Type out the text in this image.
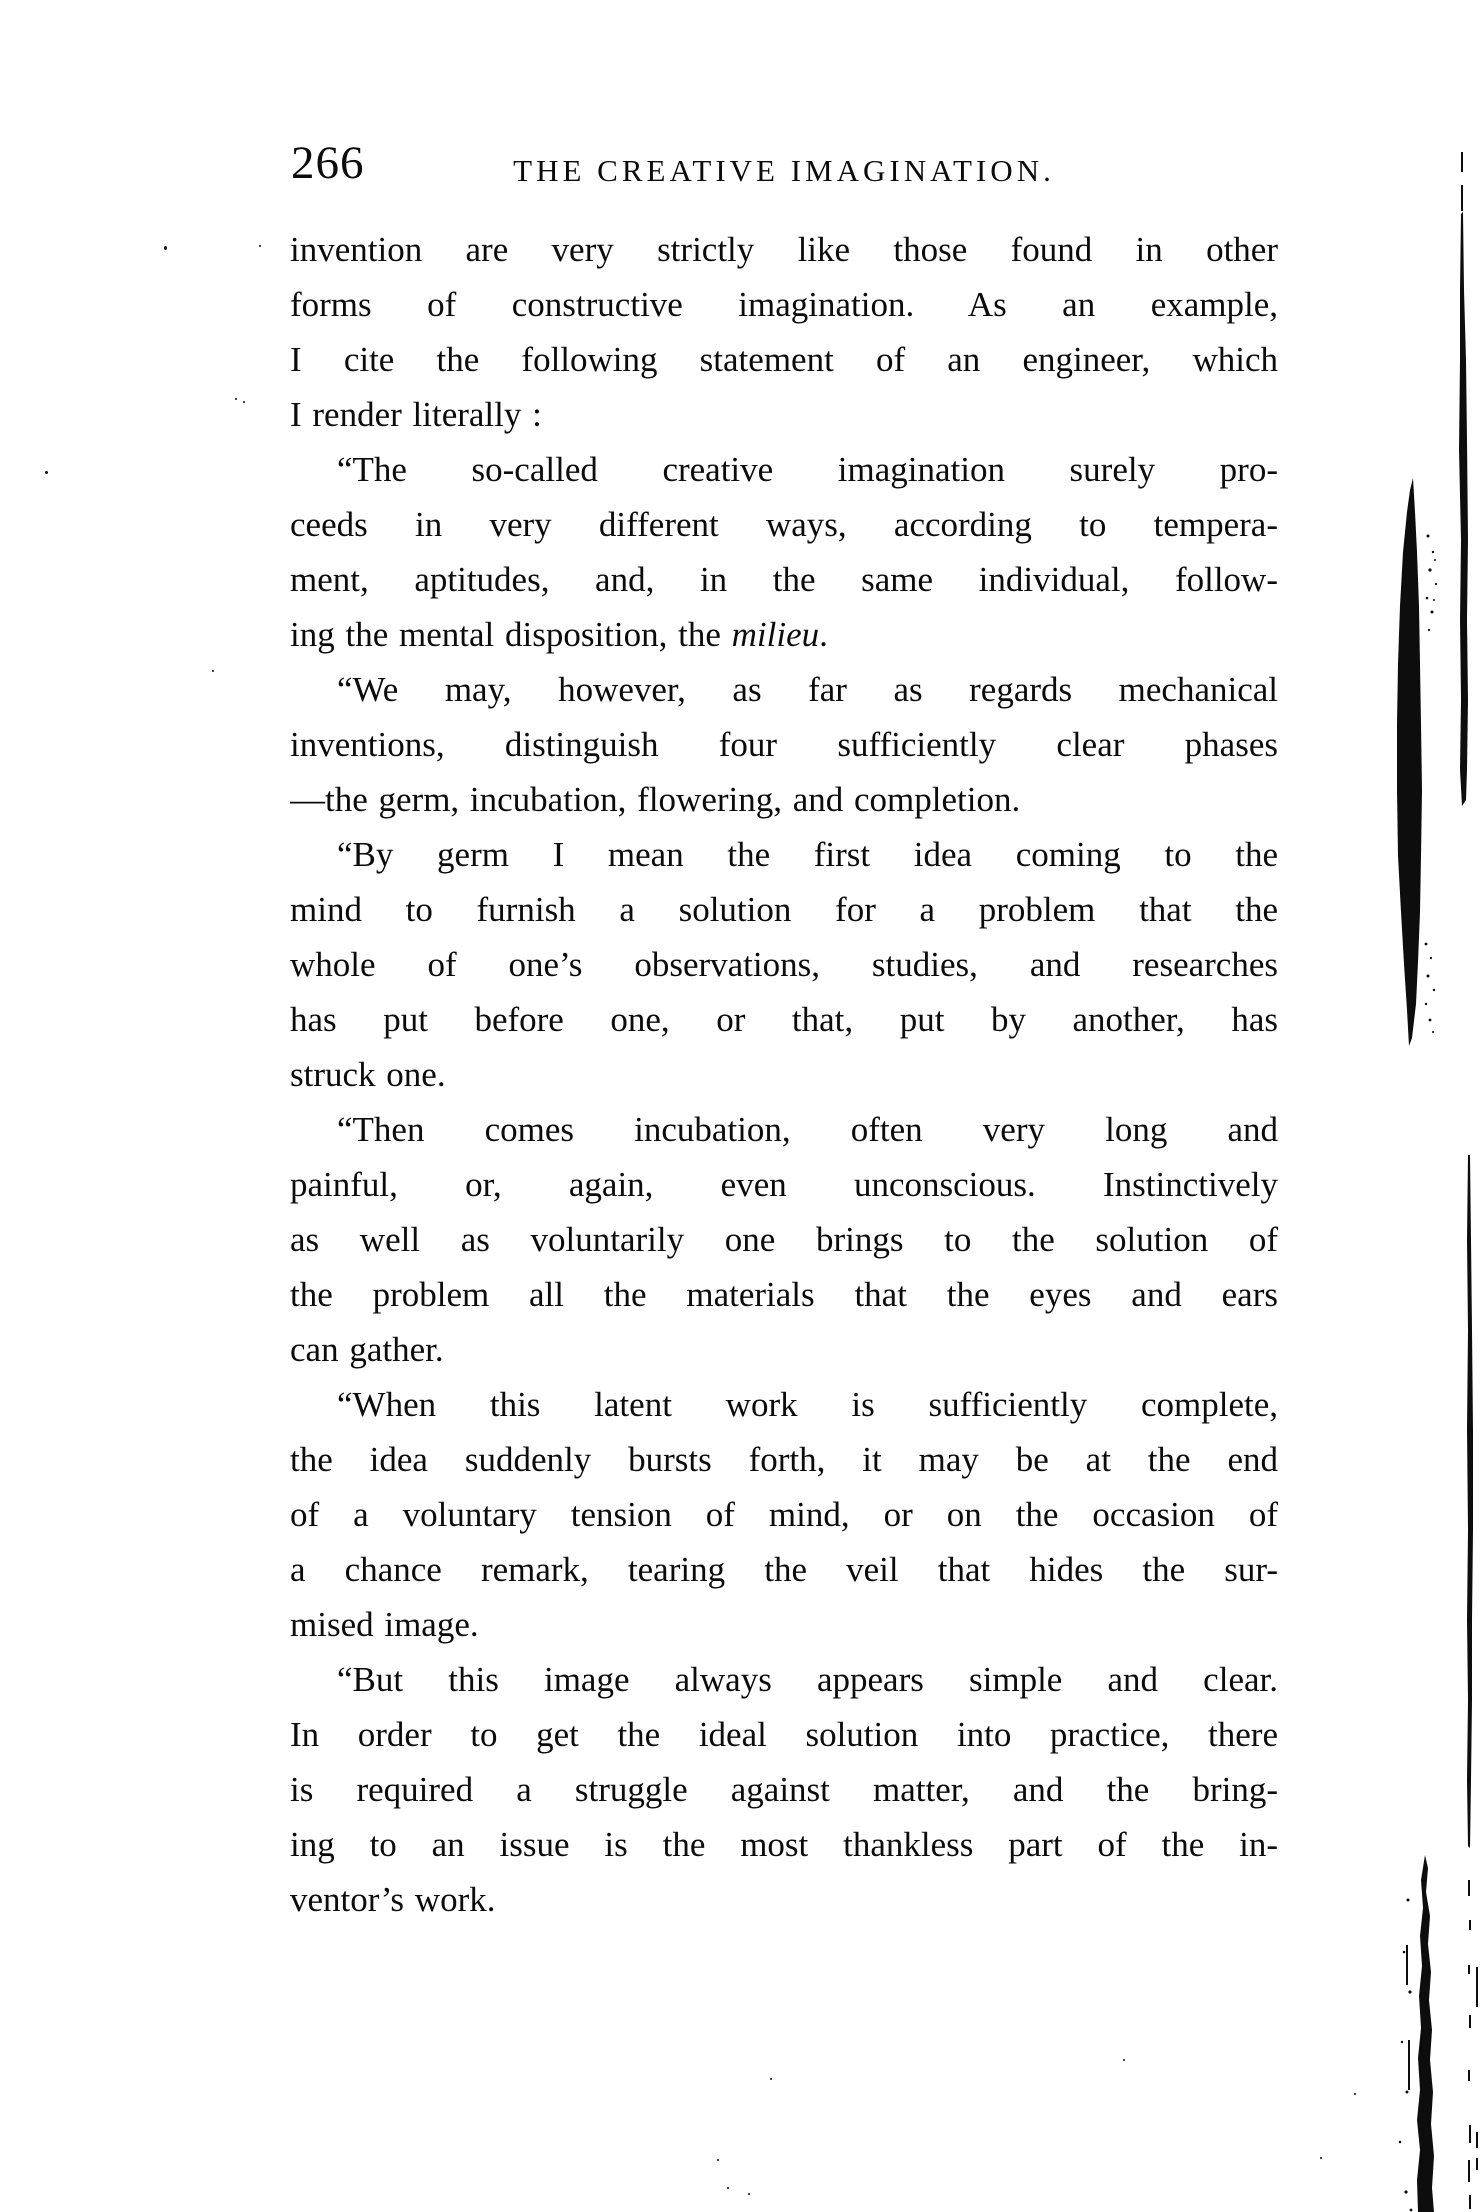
266	THE CREATIVE IMAGINATION.
invention are very strictly like those found in other
forms of constructive imagination. As an example,
I cite the following statement of an engineer, which
I render literally :
“The so-called creative imagination surely pro-
ceeds in very different ways, according to tempera-
ment, aptitudes, and, in the same individual, follow-
ing the mental disposition, the milieu.
“We may, however, as far as regards mechanical
inventions, distinguish four sufficiently clear phases
—the germ, incubation, flowering, and completion.
“By germ I mean the first idea coming to the
mind to furnish a solution for a problem that the
whole of one’s observations, studies, and researches
has put before one, or that, put by another, has
struck one.
“Then comes incubation, often very long and
painful, or, again, even unconscious. Instinctively
as well as voluntarily one brings to the solution of
the problem all the materials that the eyes and ears
can gather.
“When this latent work is sufficiently complete,
the idea suddenly bursts forth, it may be at the end
of a voluntary tension of mind, or on the occasion of
a chance remark, tearing the veil that hides the sur-
mised image.
“But this image always appears simple and clear.
In order to get the ideal solution into practice, there
is required a struggle against matter, and the bring-
ing to an issue is the most thankless part of the in-
ventor’s work.
